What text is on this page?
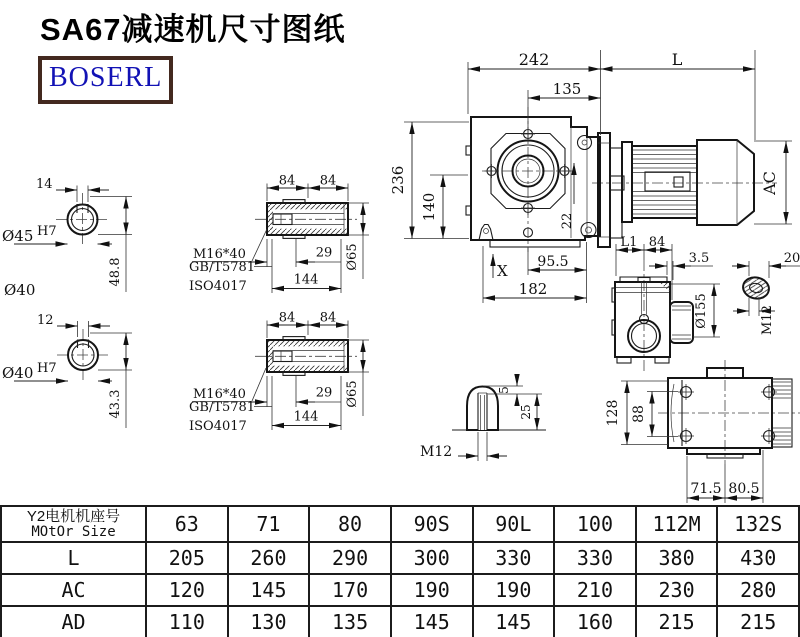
SA67减速机尺寸图纸
BOSERL
14
Ø45 H7
48.8
Ø40
12
Ø40 H7
43.3
84 84
29
144
Ø65
84 84
29
144
Ø65
M16*40
GB/T5781
ISO4017
M16*40
GB/T5781
ISO4017
242	L
135
236
140
95.5
182
X
22
AC
L1 84
3.5
Ø155
20
M12
5
25
M12
128 88
71.5 80.5
Y2电机机座号
MOtOr Size	63	71	80	90S	90L	100	112M	132S
L	205	260	290	300	330	330	380	430
AC	120	145	170	190	190	210	230	280
AD	110	130	135	145	145	160	215	215
